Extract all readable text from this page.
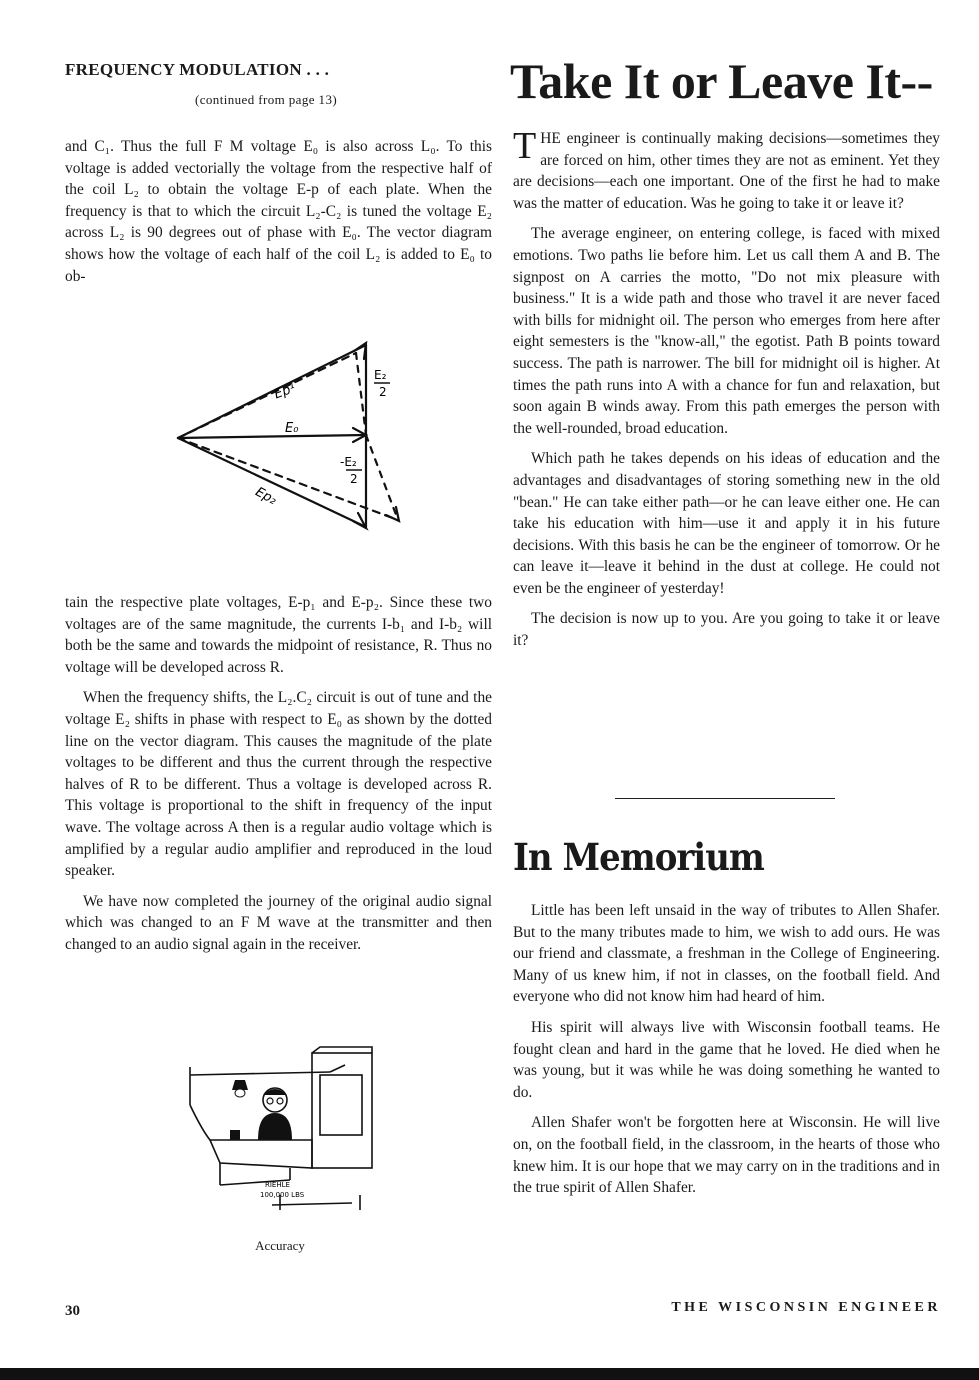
FREQUENCY MODULATION . . .
(continued from page 13)

and C₁. Thus the full F M voltage E₀ is also across L₀. To this voltage is added vectorially the voltage from the respective half of the coil L₂ to obtain the voltage E-p of each plate. When the frequency is that to which the circuit L₂-C₂ is tuned the voltage E₂ across L₂ is 90 degrees out of phase with E₀. The vector diagram shows how the voltage of each half of the coil L₂ is added to E₀ to ob-

Ep¹
E₀
Ep₂
E₂
2
-E₂
2

tain the respective plate voltages, E-p₁ and E-p₂. Since these two voltages are of the same magnitude, the currents I-b₁ and I-b₂ will both be the same and towards the midpoint of resistance, R. Thus no voltage will be developed across R.

When the frequency shifts, the L₂.C₂ circuit is out of tune and the voltage E₂ shifts in phase with respect to E₀ as shown by the dotted line on the vector diagram. This causes the magnitude of the plate voltages to be different and thus the current through the respective halves of R to be different. Thus a voltage is developed across R. This voltage is proportional to the shift in frequency of the input wave. The voltage across A then is a regular audio voltage which is amplified by a regular audio amplifier and reproduced in the loud speaker.

We have now completed the journey of the original audio signal which was changed to an F M wave at the transmitter and then changed to an audio signal again in the receiver.

RIEHLE
100,000 LBS
Accuracy
Take It or Leave It--

THE engineer is continually making decisions—sometimes they are forced on him, other times they are not as eminent. Yet they are decisions—each one important. One of the first he had to make was the matter of education. Was he going to take it or leave it?

The average engineer, on entering college, is faced with mixed emotions. Two paths lie before him. Let us call them A and B. The signpost on A carries the motto, "Do not mix pleasure with business." It is a wide path and those who travel it are never faced with bills for midnight oil. The person who emerges from here after eight semesters is the "know-all," the egotist. Path B points toward success. The path is narrower. The bill for midnight oil is higher. At times the path runs into A with a chance for fun and relaxation, but soon again B winds away. From this path emerges the person with the well-rounded, broad education.

Which path he takes depends on his ideas of education and the advantages and disadvantages of storing something new in the old "bean." He can take either path—or he can leave either one. He can take his education with him—use it and apply it in his future decisions. With this basis he can be the engineer of tomorrow. Or he can leave it—leave it behind in the dust at college. He could not even be the engineer of yesterday!

The decision is now up to you. Are you going to take it or leave it?

In Memorium

Little has been left unsaid in the way of tributes to Allen Shafer. But to the many tributes made to him, we wish to add ours. He was our friend and classmate, a freshman in the College of Engineering. Many of us knew him, if not in classes, on the football field. And everyone who did not know him had heard of him.

His spirit will always live with Wisconsin football teams. He fought clean and hard in the game that he loved. He died when he was young, but it was while he was doing something he wanted to do.

Allen Shafer won't be forgotten here at Wisconsin. He will live on, on the football field, in the classroom, in the hearts of those who knew him. It is our hope that we may carry on in the traditions and in the true spirit of Allen Shafer.

30	THE WISCONSIN ENGINEER
